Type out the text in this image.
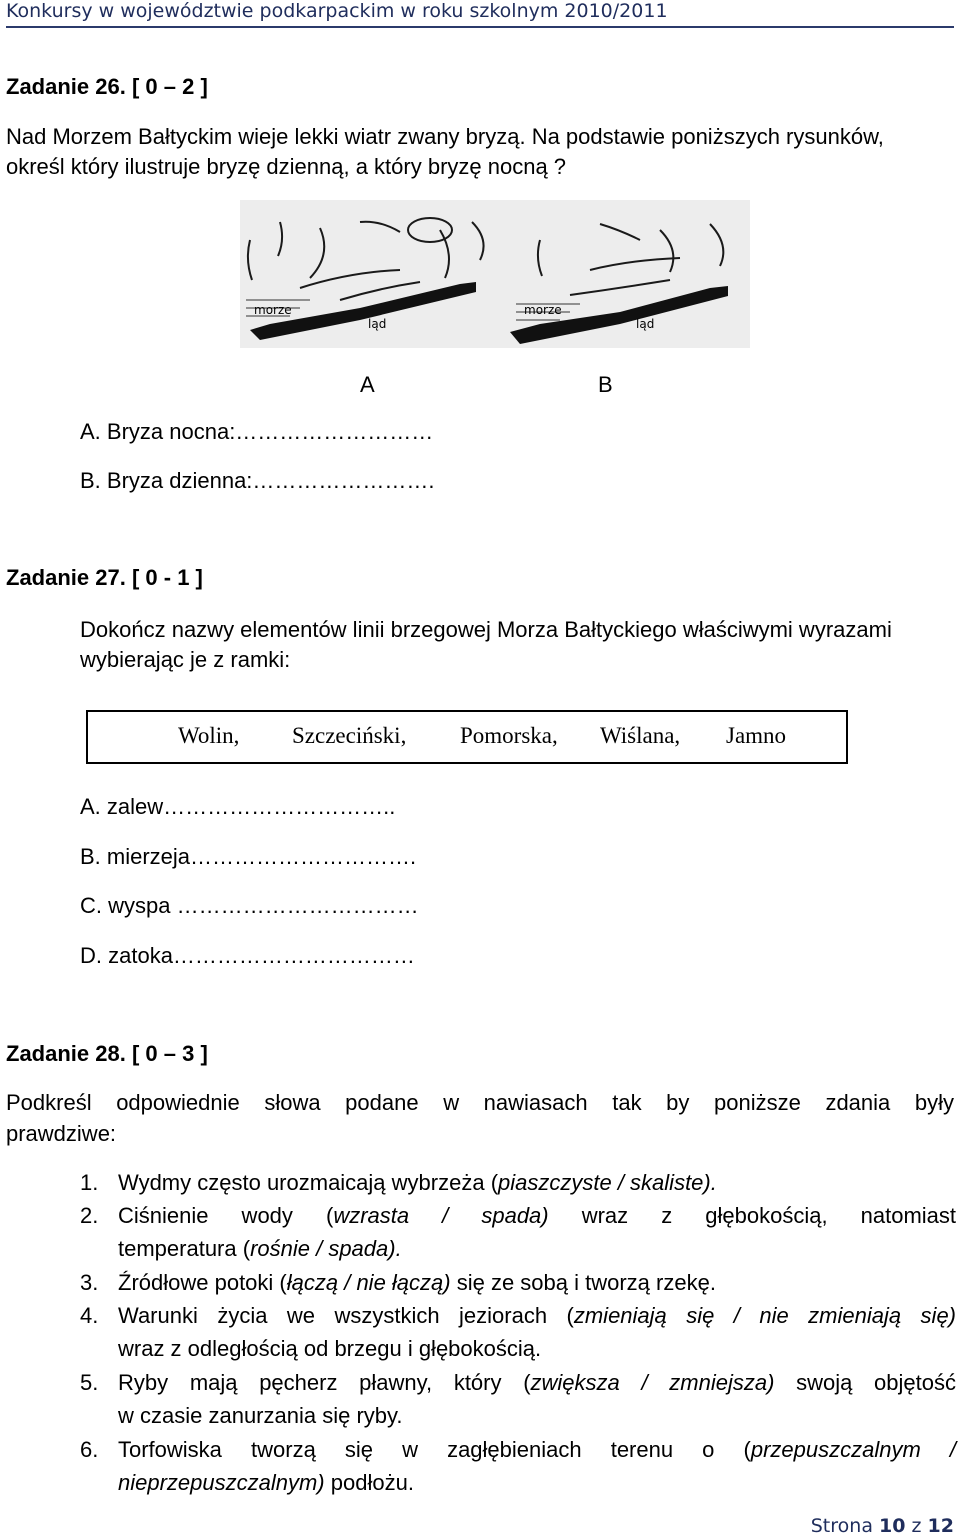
Konkursy w województwie podkarpackim w roku szkolnym 2010/2011
Zadanie 26. [ 0 – 2 ]
Nad Morzem Bałtyckim wieje lekki wiatr zwany bryzą. Na podstawie poniższych rysunków, określ który ilustruje bryzę dzienną, a który bryzę nocną ?
morze
ląd
morze
ląd
A	B
A. Bryza nocna:………………………
B. Bryza dzienna:…………………….
Zadanie 27. [ 0 - 1 ]
Dokończ nazwy elementów linii brzegowej Morza Bałtyckiego właściwymi wyrazami wybierając je z ramki:
Wolin, Szczeciński, Pomorska, Wiślana, Jamno
A. zalew…………………………..
B. mierzeja………………………….
C. wyspa ……………………………
D. zatoka……………………………
Zadanie 28. [ 0 – 3 ]
Podkreśl odpowiednie słowa podane w nawiasach tak by poniższe zdania były
prawdziwe:
1. Wydmy często urozmaicają wybrzeża (piaszczyste / skaliste).
2. Ciśnienie wody (wzrasta / spada) wraz z głębokością, natomiast
temperatura (rośnie / spada).
3. Źródłowe potoki (łączą / nie łączą) się ze sobą i tworzą rzekę.
4. Warunki życia we wszystkich jeziorach (zmieniają się / nie zmieniają się)
wraz z odległością od brzegu i głębokością.
5. Ryby mają pęcherz pławny, który (zwiększa / zmniejsza) swoją objętość
w czasie zanurzania się ryby.
6. Torfowiska tworzą się w zagłębieniach terenu o (przepuszczalnym /
nieprzepuszczalnym) podłożu.
Strona 10 z 12
